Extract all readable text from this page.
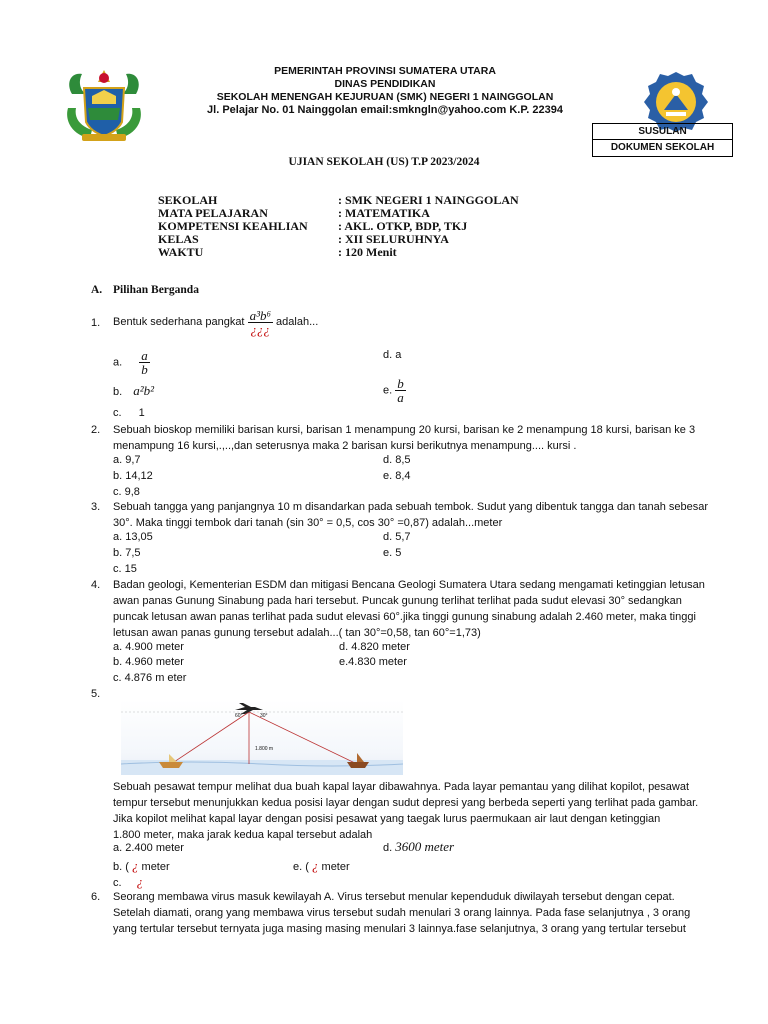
PEMERINTAH PROVINSI SUMATERA UTARA
DINAS PENDIDIKAN
SEKOLAH MENENGAH KEJURUAN (SMK) NEGERI 1 NAINGGOLAN
Jl. Pelajar No. 01 Nainggolan email:smkngln@yahoo.com K.P. 22394
SUSULAN
DOKUMEN SEKOLAH
UJIAN SEKOLAH (US) T.P 2023/2024
SEKOLAH	: SMK NEGERI 1 NAINGGOLAN
MATA PELAJARAN	: MATEMATIKA
KOMPETENSI KEAHLIAN	: AKL. OTKP, BDP, TKJ
KELAS	: XII SELURUHNYA
WAKTU	: 120 Menit
A. Pilihan Berganda
1. Bentuk sederhana pangkat $\frac{\text{a³b⁶}}{¿¿¿}$ adalah...
a. $\frac{a}{b}$	d. a
b. a²b²	e. $\frac{b}{a}$
c. 1
2. Sebuah bioskop memiliki barisan kursi, barisan 1 menampung 20 kursi, barisan ke 2 menampung 18 kursi, barisan ke 3
menampung 16 kursi,.,..,dan seterusnya maka 2 barisan kursi berikutnya menampung.... kursi .
a. 9,7
b. 14,12
c. 9,8
d. 8,5
e. 8,4
3. Sebuah tangga yang panjangnya 10 m disandarkan pada sebuah tembok. Sudut yang dibentuk tangga dan tanah sebesar
30°. Maka tinggi tembok dari tanah (sin 30° = 0,5, cos 30° =0,87) adalah...meter
a. 13,05
b. 7,5
c. 15
d. 5,7
e. 5
4. Badan geologi, Kementerian ESDM dan mitigasi Bencana Geologi Sumatera Utara sedang mengamati ketinggian letusan
awan panas Gunung Sinabung pada hari tersebut. Puncak gunung terlihat terlihat pada sudut elevasi 30° sedangkan
puncak letusan awan panas terlihat pada sudut elevasi 60°.jika tinggi gunung sinabung adalah 2.460 meter, maka tinggi
letusan awan panas gunung tersebut adalah...( tan 30°=0,58, tan 60°=1,73)
a. 4.900 meter
b. 4.960 meter
c. 4.876 m eter
d. 4.820 meter
e.4.830 meter
5.
60°	30°
1.800 m
Sebuah pesawat tempur melihat dua buah kapal layar dibawahnya. Pada layar pemantau yang dilihat kopilot, pesawat
tempur tersebut menunjukkan kedua posisi layar dengan sudut depresi yang berbeda seperti yang terlihat pada gambar.
Jika kopilot melihat kapal layar dengan posisi pesawat yang taegak lurus paermukaan air laut dengan ketinggian
1.800 meter, maka jarak kedua kapal tersebut adalah
a. 2.400 meter	d. 3600 meter
b. ( ¿ meter	e. ( ¿ meter
c. ¿
6. Seorang membawa virus masuk kewilayah A. Virus tersebut menular kependuduk diwilayah tersebut dengan cepat.
Setelah diamati, orang yang membawa virus tersebut sudah menulari 3 orang lainnya. Pada fase selanjutnya , 3 orang
yang tertular tersebut ternyata juga masing masing menulari 3 lainnya.fase selanjutnya, 3 orang yang tertular tersebut
